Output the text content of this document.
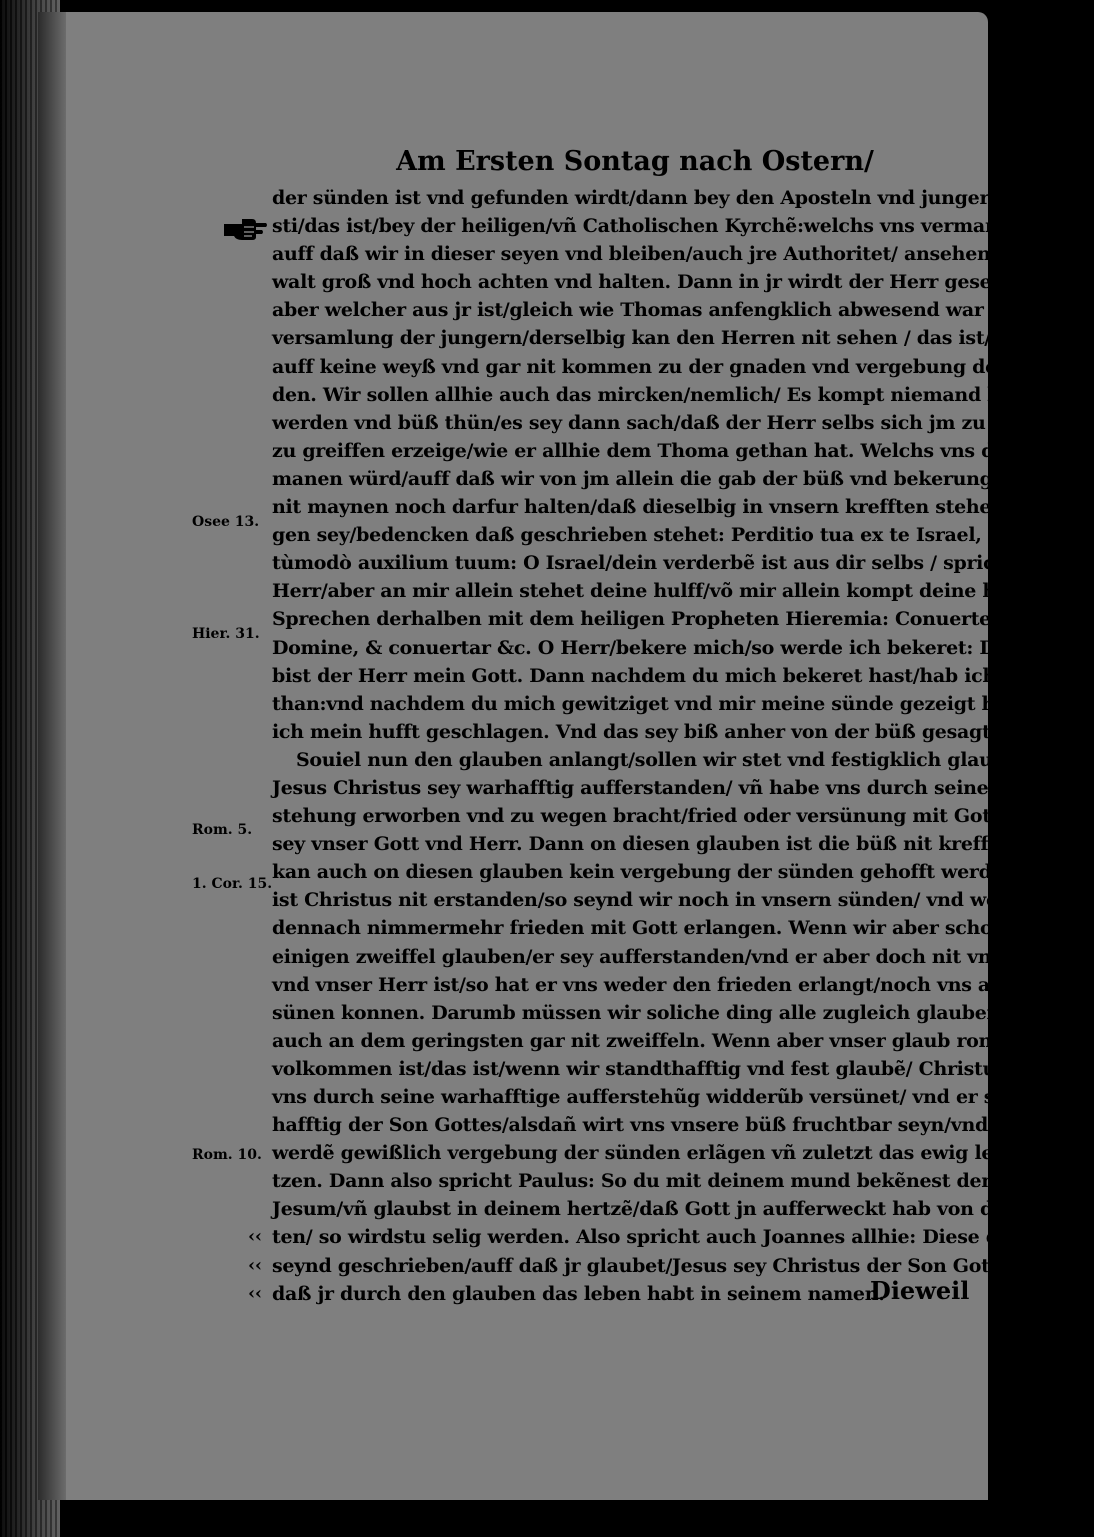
Am Ersten Sontag nach Ostern/
Osee 13.
Hier. 31.
Rom. 5.
1. Cor. 15.
Rom. 10.
der sünden ist vnd gefunden wirdt/dann bey den Aposteln vnd jungern Chri-
sti/das ist/bey der heiligen/vñ Catholischen Kyrchẽ:welchs vns vermanẽ wirt/
auff daß wir in dieser seyen vnd bleiben/auch jre Authoritet/ ansehens vnd ge-
walt groß vnd hoch achten vnd halten. Dann in jr wirdt der Herr gesehen/
aber welcher aus jr ist/gleich wie Thomas anfengklich abwesend war von der
versamlung der jungern/derselbig kan den Herren nit sehen / das ist/ Er kan
auff keine weyß vnd gar nit kommen zu der gnaden vnd vergebung der sün-
den. Wir sollen allhie auch das mircken/nemlich/ Es kompt niemand bekeret
werden vnd büß thün/es sey dann sach/daß der Herr selbs sich jm zu sehen vñ
zu greiffen erzeige/wie er allhie dem Thoma gethan hat. Welchs vns dañ ver-
manen würd/auff daß wir von jm allein die gab der büß vnd bekerung bitten/
nit maynen noch darfur halten/daß dieselbig in vnsern krefften stehe vnd gele-
gen sey/bedencken daß geschrieben stehet: Perditio tua ex te Israel, in me tan-
tùmodò auxilium tuum: O Israel/dein verderbẽ ist aus dir selbs / spricht der
Herr/aber an mir allein stehet deine hulff/võ mir allein kompt deine hulff her.
Sprechen derhalben mit dem heiligen Propheten Hieremia: Conuerte me
Domine, & conuertar &c. O Herr/bekere mich/so werde ich bekeret: Dañ du
bist der Herr mein Gott. Dann nachdem du mich bekeret hast/hab ich büß ge-
than:vnd nachdem du mich gewitziget vnd mir meine sünde gezeigt hast/ habe
ich mein hufft geschlagen. Vnd das sey biß anher von der büß gesagt.
Souiel nun den glauben anlangt/sollen wir stet vnd festigklich glauben/
Jesus Christus sey warhafftig aufferstanden/ vñ habe vns durch seine auffer-
stehung erworben vnd zu wegen bracht/fried oder versünung mit Gott/ vñ er
sey vnser Gott vnd Herr. Dann on diesen glauben ist die büß nit krefftig / so
kan auch on diesen glauben kein vergebung der sünden gehofft werdẽ. Dann
ist Christus nit erstanden/so seynd wir noch in vnsern sünden/ vnd werdẽ auch
dennach nimmermehr frieden mit Gott erlangen. Wenn wir aber schon on
einigen zweiffel glauben/er sey aufferstanden/vnd er aber doch nit vnser Gott
vnd vnser Herr ist/so hat er vns weder den frieden erlangt/noch vns auch ver-
sünen konnen. Darumb müssen wir soliche ding alle zugleich glauben / vnd
auch an dem geringsten gar nit zweiffeln. Wenn aber vnser glaub rond vnd
volkommen ist/das ist/wenn wir standthafftig vnd fest glaubẽ/ Christus habe
vns durch seine warhafftige aufferstehũg widderũb versünet/ vnd er sey war-
hafftig der Son Gottes/alsdañ wirt vns vnsere büß fruchtbar seyn/vnd wir
werdẽ gewißlich vergebung der sünden erlãgen vñ zuletzt das ewig leben besi-
tzen. Dann also spricht Paulus: So du mit deinem mund bekẽnest den Herrn
Jesum/vñ glaubst in deinem hertzẽ/daß Gott jn aufferweckt hab von den tod-
‹‹ ten/ so wirdstu selig werden. Also spricht auch Joannes allhie: Diese ding
‹‹ seynd geschrieben/auff daß jr glaubet/Jesus sey Christus der Son Gottes/vñ
‹‹ daß jr durch den glauben das leben habt in seinem namen.
Dieweil
